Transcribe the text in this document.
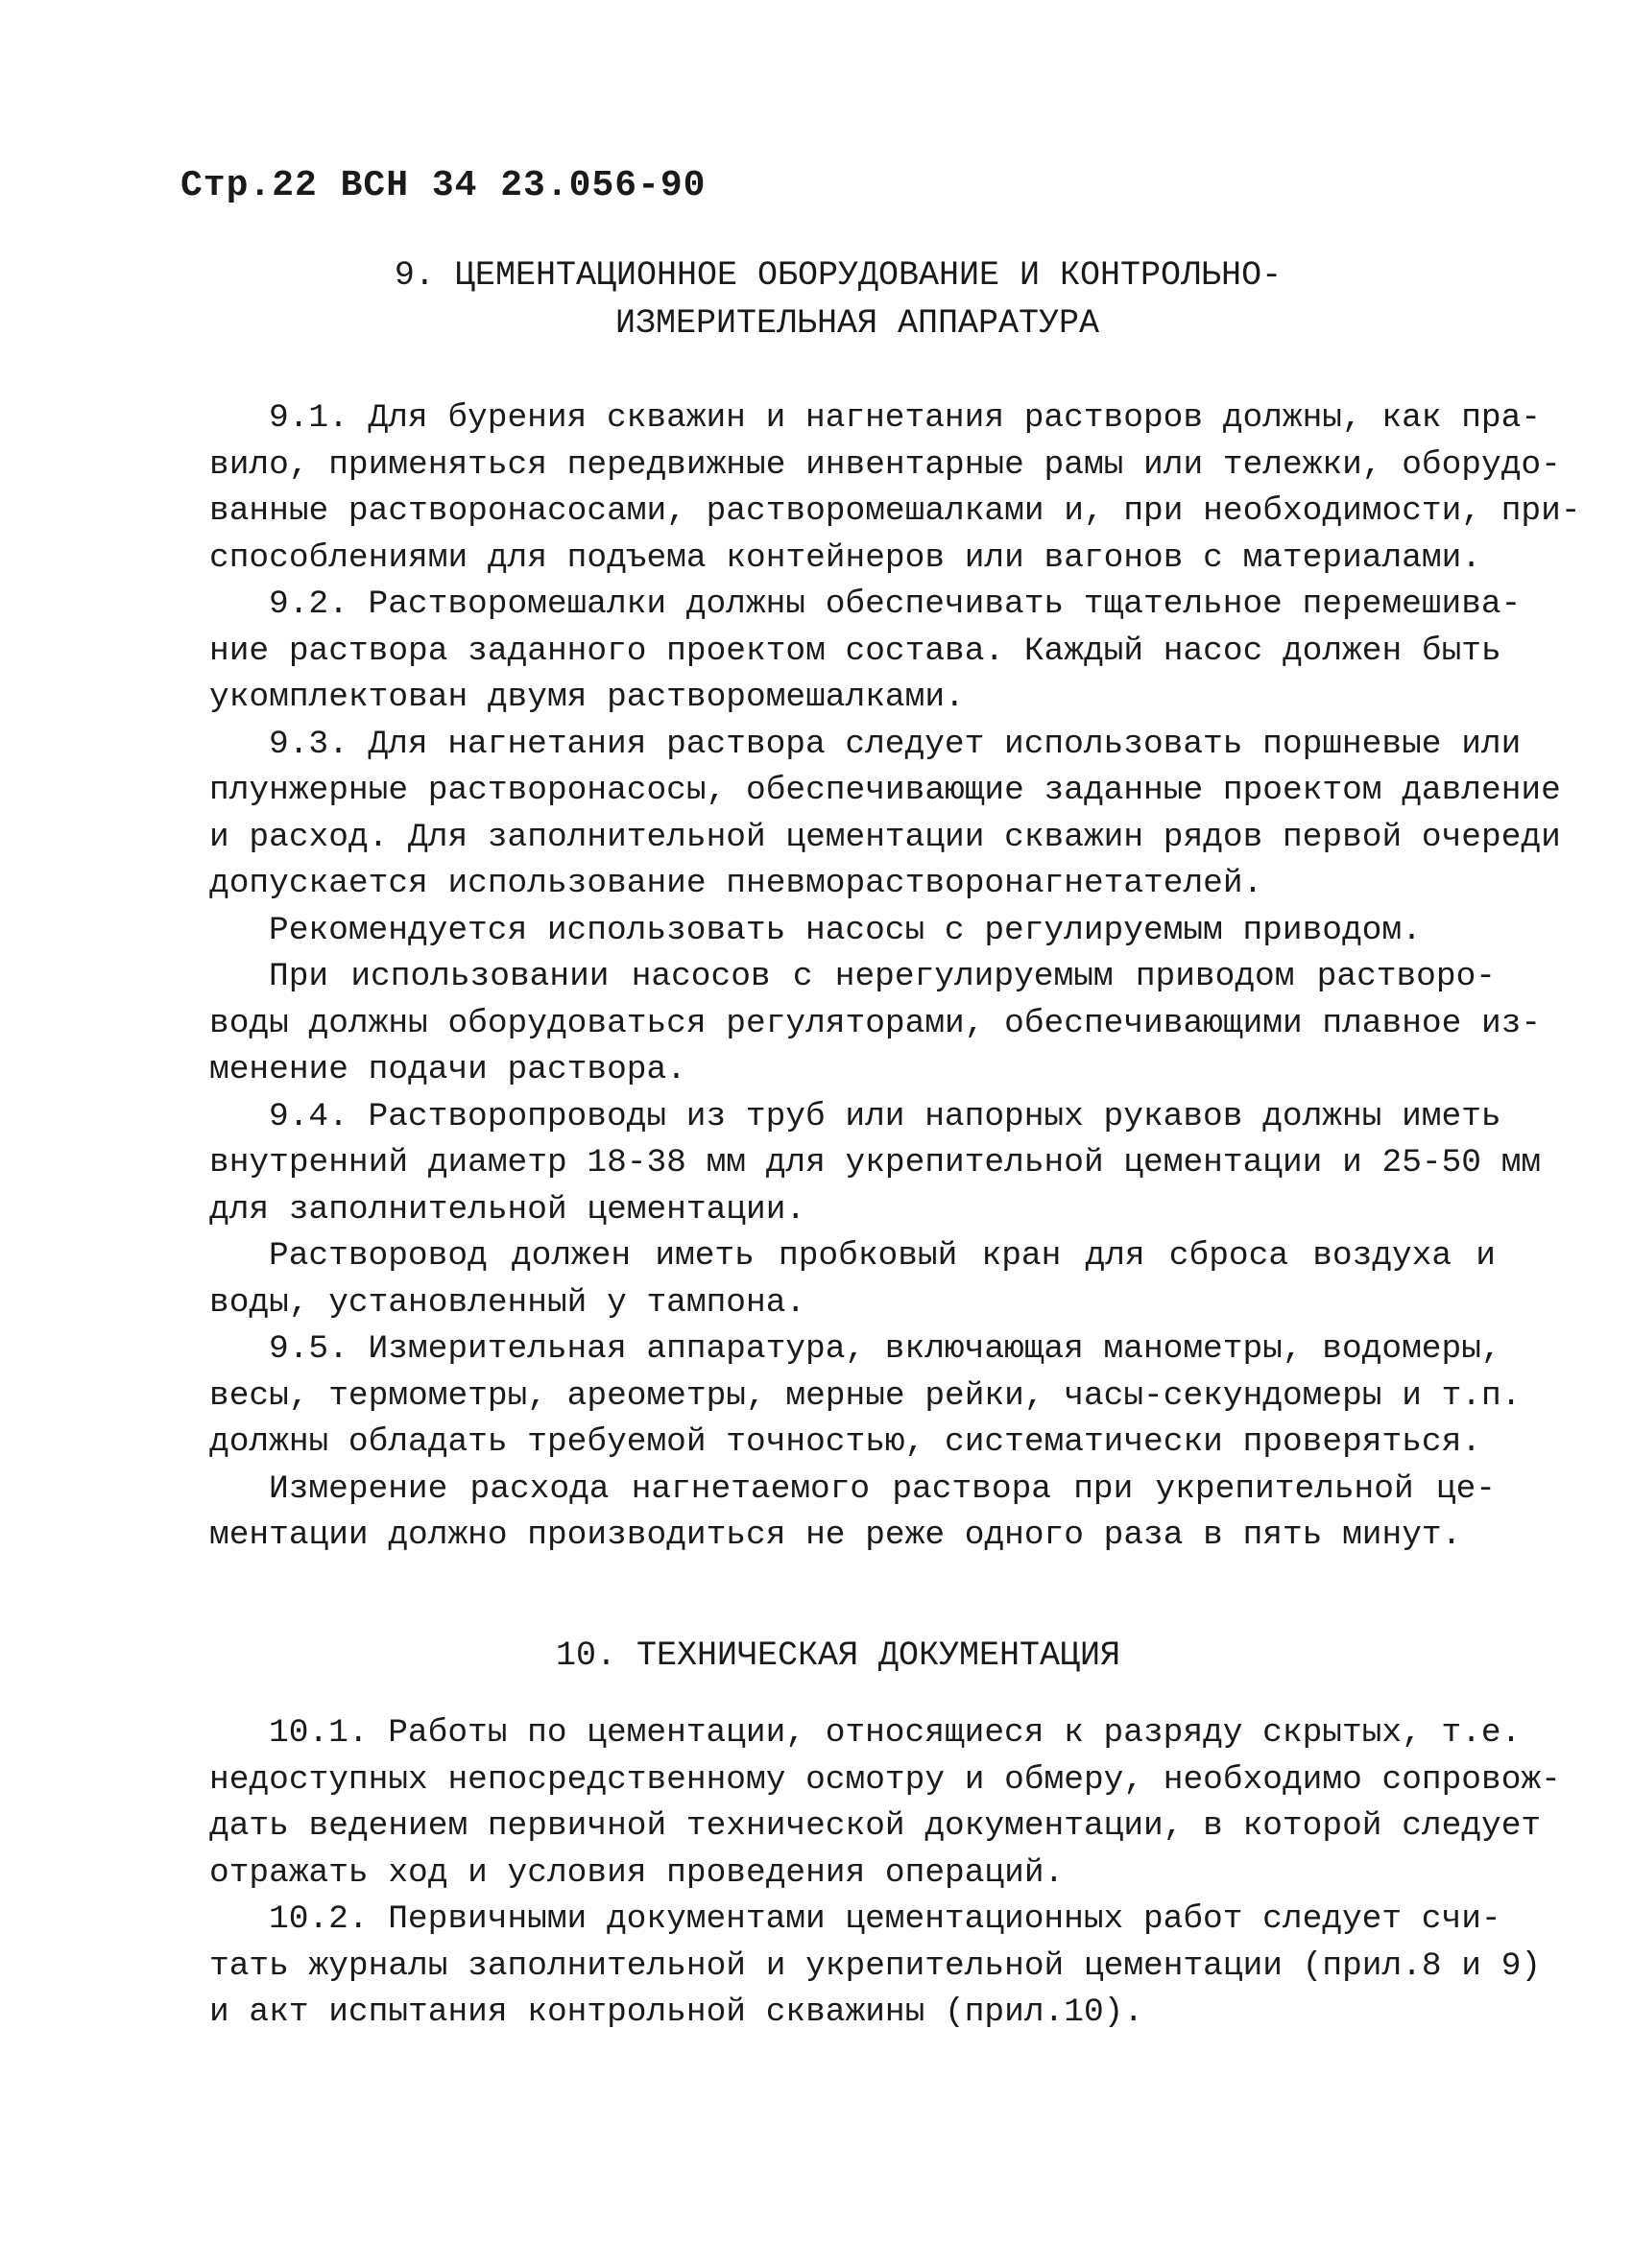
Стр.22 ВСН 34 23.056-90
9. ЦЕМЕНТАЦИОННОЕ ОБОРУДОВАНИЕ И КОНТРОЛЬНО-
ИЗМЕРИТЕЛЬНАЯ АППАРАТУРА
9.1. Для бурения скважин и нагнетания растворов должны, как пра-
вило, применяться передвижные инвентарные рамы или тележки, оборудо-
ванные растворонасосами, растворомешалками и, при необходимости, при-
способлениями для подъема контейнеров или вагонов с материалами.
9.2. Растворомешалки должны обеспечивать тщательное перемешива-
ние раствора заданного проектом состава. Каждый насос должен быть
укомплектован двумя растворомешалками.
9.3. Для нагнетания раствора следует использовать поршневые или
плунжерные растворонасосы, обеспечивающие заданные проектом давление
и расход. Для заполнительной цементации скважин рядов первой очереди
допускается использование пневморастворонагнетателей.
Рекомендуется использовать насосы с регулируемым приводом.
При использовании насосов с нерегулируемым приводом растворо-
воды должны оборудоваться регуляторами, обеспечивающими плавное из-
менение подачи раствора.
9.4. Растворопроводы из труб или напорных рукавов должны иметь
внутренний диаметр 18-38 мм для укрепительной цементации и 25-50 мм
для заполнительной цементации.
Растворовод должен иметь пробковый кран для сброса воздуха и
воды, установленный у тампона.
9.5. Измерительная аппаратура, включающая манометры, водомеры,
весы, термометры, ареометры, мерные рейки, часы-секундомеры и т.п.
должны обладать требуемой точностью, систематически проверяться.
Измерение расхода нагнетаемого раствора при укрепительной це-
ментации должно производиться не реже одного раза в пять минут.
10. ТЕХНИЧЕСКАЯ ДОКУМЕНТАЦИЯ
10.1. Работы по цементации, относящиеся к разряду скрытых, т.е.
недоступных непосредственному осмотру и обмеру, необходимо сопровож-
дать ведением первичной технической документации, в которой следует
отражать ход и условия проведения операций.
10.2. Первичными документами цементационных работ следует счи-
тать журналы заполнительной и укрепительной цементации (прил.8 и 9)
и акт испытания контрольной скважины (прил.10).
